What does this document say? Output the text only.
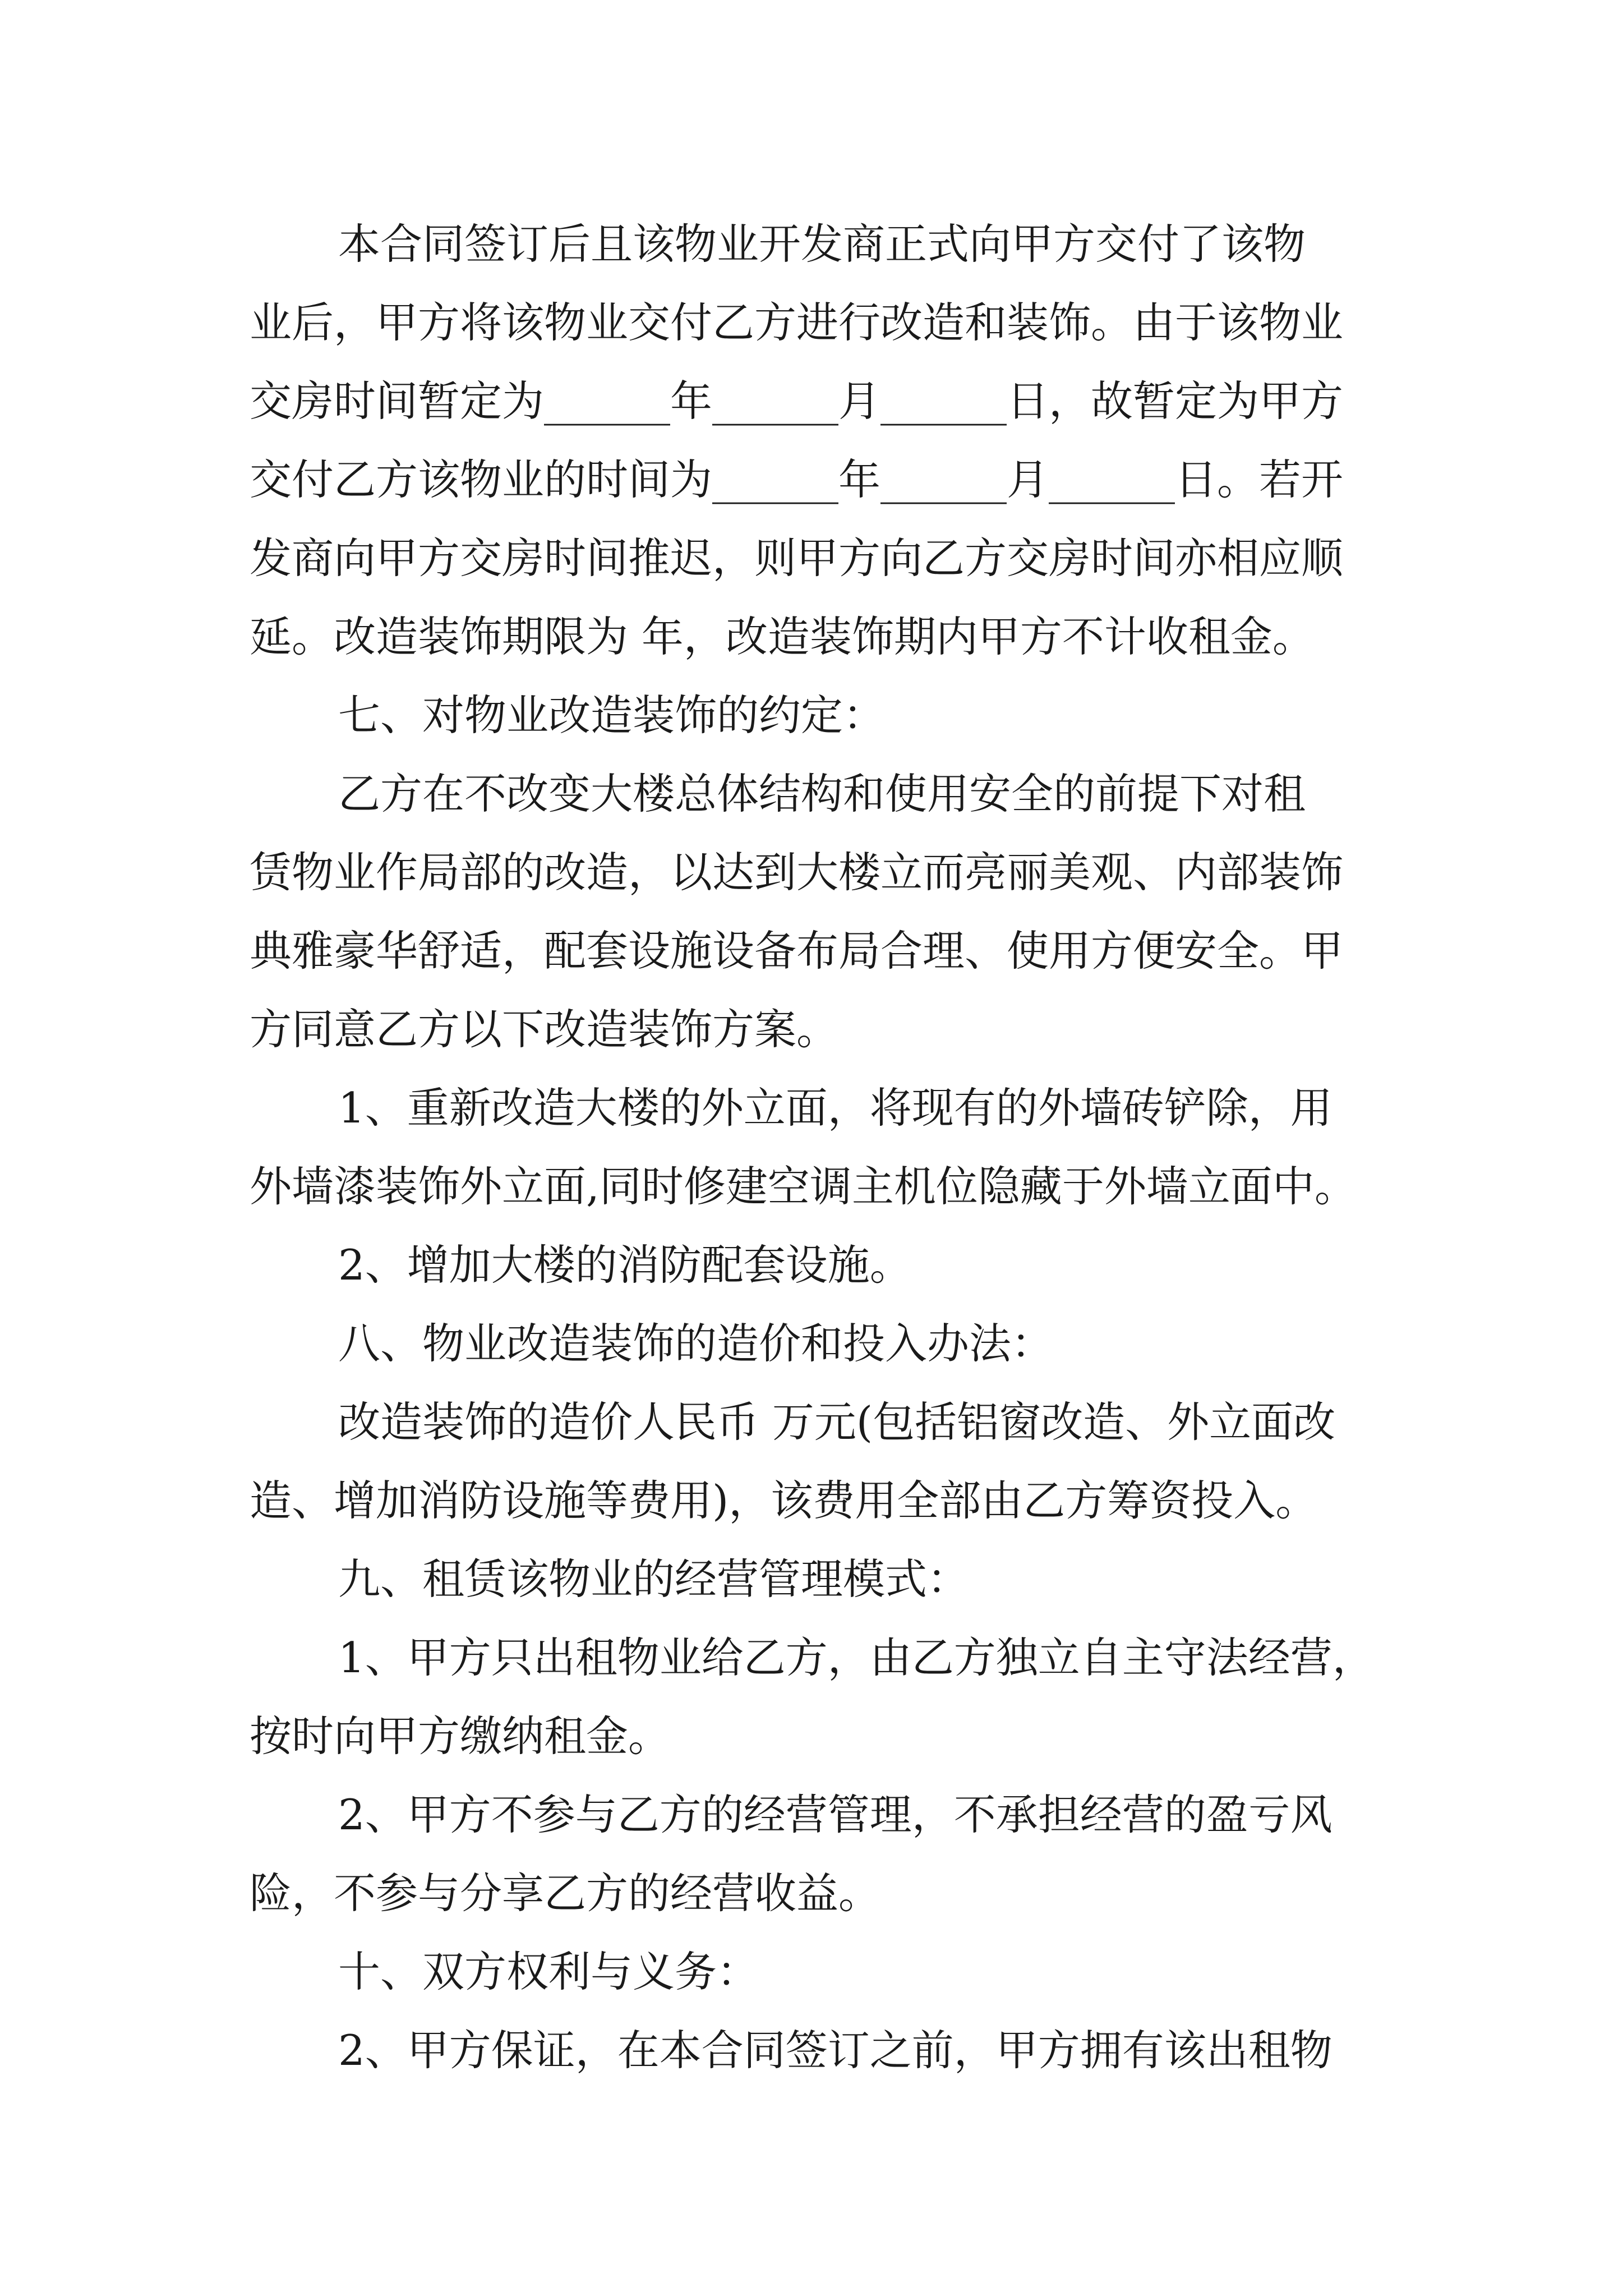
本合同签订后且该物业开发商正式向甲方交付了该物
业后，甲方将该物业交付乙方进行改造和装饰。由于该物业
交房时间暂定为______年______月______日，故暂定为甲方
交付乙方该物业的时间为______年______月______日。若开
发商向甲方交房时间推迟，则甲方向乙方交房时间亦相应顺
延。改造装饰期限为 年，改造装饰期内甲方不计收租金。
七、对物业改造装饰的约定：
乙方在不改变大楼总体结构和使用安全的前提下对租
赁物业作局部的改造，以达到大楼立而亮丽美观、内部装饰
典雅豪华舒适，配套设施设备布局合理、使用方便安全。甲
方同意乙方以下改造装饰方案。
1、重新改造大楼的外立面，将现有的外墙砖铲除，用
外墙漆装饰外立面,同时修建空调主机位隐藏于外墙立面中。
2、增加大楼的消防配套设施。
八、物业改造装饰的造价和投入办法：
改造装饰的造价人民币 万元(包括铝窗改造、外立面改
造、增加消防设施等费用)，该费用全部由乙方筹资投入。
九、租赁该物业的经营管理模式：
1、甲方只出租物业给乙方，由乙方独立自主守法经营，
按时向甲方缴纳租金。
2、甲方不参与乙方的经营管理，不承担经营的盈亏风
险，不参与分享乙方的经营收益。
十、双方权利与义务：
2、甲方保证，在本合同签订之前，甲方拥有该出租物
